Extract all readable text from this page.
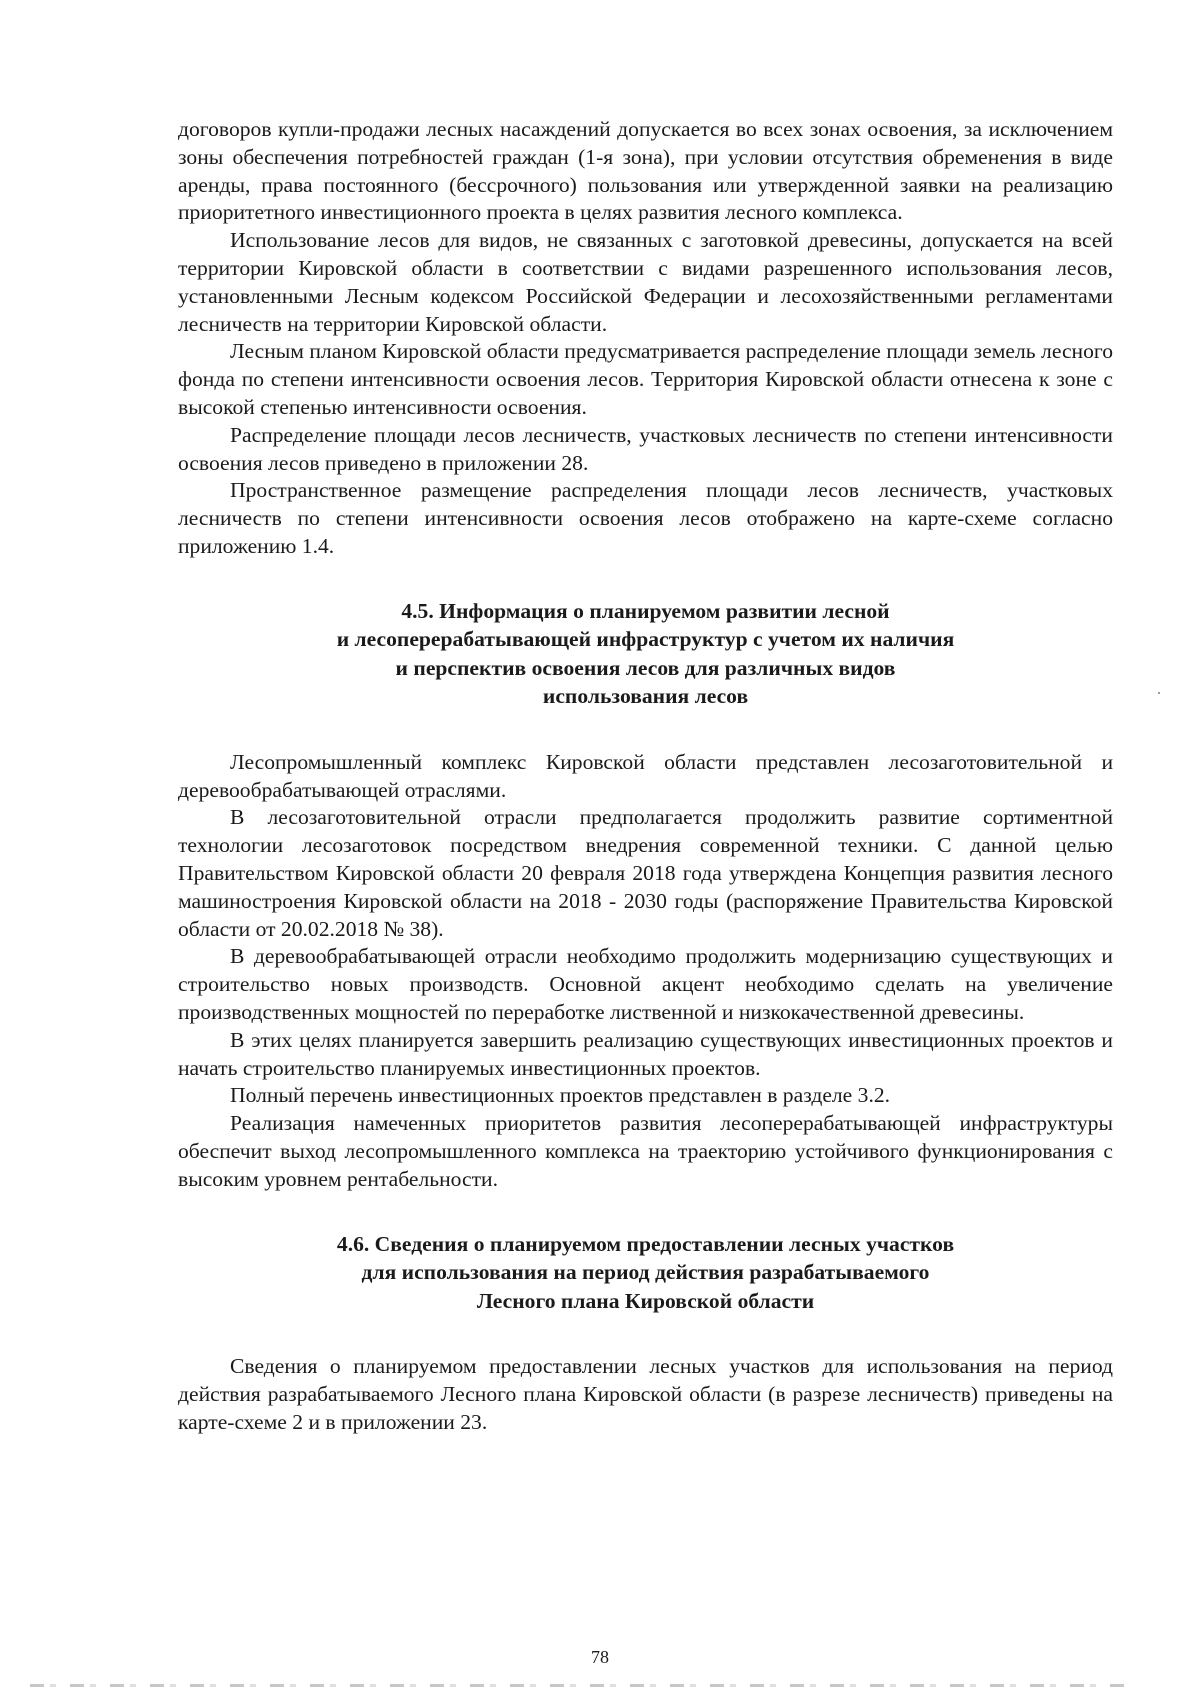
договоров купли-продажи лесных насаждений допускается во всех зонах освоения, за исключением зоны обеспечения потребностей граждан (1-я зона), при условии отсутствия обременения в виде аренды, права постоянного (бессрочного) пользования или утвержденной заявки на реализацию приоритетного инвестиционного проекта в целях развития лесного комплекса.

Использование лесов для видов, не связанных с заготовкой древесины, допускается на всей территории Кировской области в соответствии с видами разрешенного использования лесов, установленными Лесным кодексом Российской Федерации и лесохозяйственными регламентами лесничеств на территории Кировской области.

Лесным планом Кировской области предусматривается распределение площади земель лесного фонда по степени интенсивности освоения лесов. Территория Кировской области отнесена к зоне с высокой степенью интенсивности освоения.

Распределение площади лесов лесничеств, участковых лесничеств по степени интенсивности освоения лесов приведено в приложении 28.

Пространственное размещение распределения площади лесов лесничеств, участковых лесничеств по степени интенсивности освоения лесов отображено на карте-схеме согласно приложению 1.4.

4.5. Информация о планируемом развитии лесной
и лесоперерабатывающей инфраструктур с учетом их наличия
и перспектив освоения лесов для различных видов
использования лесов

Лесопромышленный комплекс Кировской области представлен лесозаготовительной и деревообрабатывающей отраслями.

В лесозаготовительной отрасли предполагается продолжить развитие сортиментной технологии лесозаготовок посредством внедрения современной техники. С данной целью Правительством Кировской области 20 февраля 2018 года утверждена Концепция развития лесного машиностроения Кировской области на 2018 - 2030 годы (распоряжение Правительства Кировской области от 20.02.2018 № 38).

В деревообрабатывающей отрасли необходимо продолжить модернизацию существующих и строительство новых производств. Основной акцент необходимо сделать на увеличение производственных мощностей по переработке лиственной и низкокачественной древесины.

В этих целях планируется завершить реализацию существующих инвестиционных проектов и начать строительство планируемых инвестиционных проектов.

Полный перечень инвестиционных проектов представлен в разделе 3.2.

Реализация намеченных приоритетов развития лесоперерабатывающей инфраструктуры обеспечит выход лесопромышленного комплекса на траекторию устойчивого функционирования с высоким уровнем рентабельности.

4.6. Сведения о планируемом предоставлении лесных участков
для использования на период действия разрабатываемого
Лесного плана Кировской области

Сведения о планируемом предоставлении лесных участков для использования на период действия разрабатываемого Лесного плана Кировской области (в разрезе лесничеств) приведены на карте-схеме 2 и в приложении 23.

78
